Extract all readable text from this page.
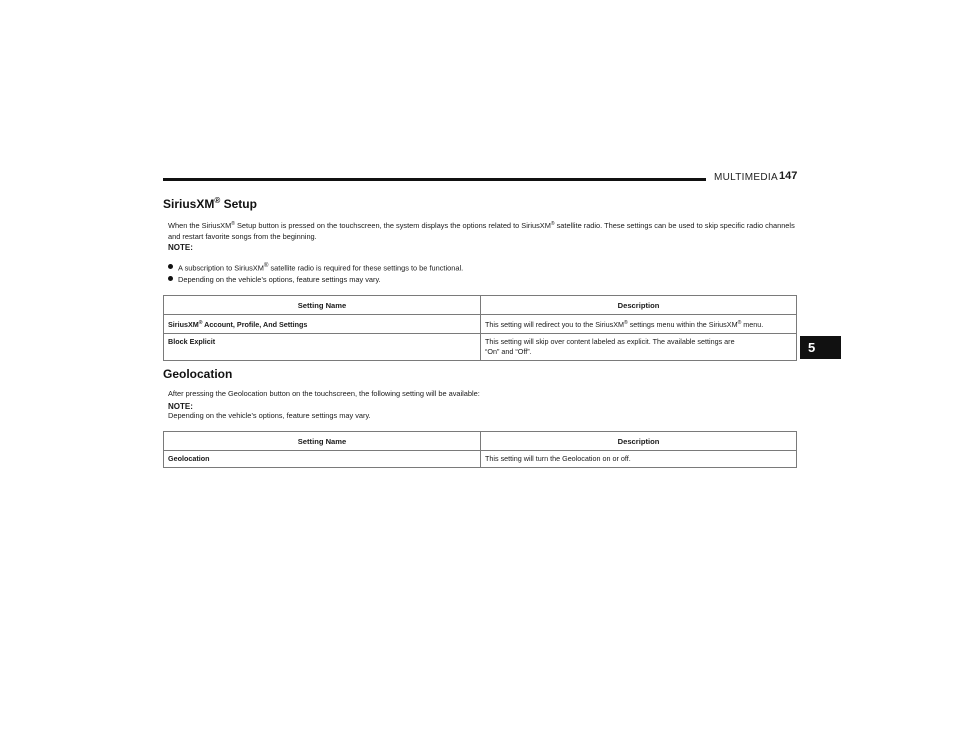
MULTIMEDIA 147
5
SiriusXM® Setup
When the SiriusXM® Setup button is pressed on the touchscreen, the system displays the options related to SiriusXM® satellite radio. These settings can be used to skip specific radio channels and restart favorite songs from the beginning.
NOTE:
A subscription to SiriusXM® satellite radio is required for these settings to be functional.
Depending on the vehicle’s options, feature settings may vary.
Setting Name	Description
SiriusXM® Account, Profile, And Settings	This setting will redirect you to the SiriusXM® settings menu within the SiriusXM® menu.
Block Explicit	This setting will skip over content labeled as explicit. The available settings are
“On” and “Off”.
Geolocation
After pressing the Geolocation button on the touchscreen, the following setting will be available:
NOTE:
Depending on the vehicle’s options, feature settings may vary.
Setting Name	Description
Geolocation	This setting will turn the Geolocation on or off.
